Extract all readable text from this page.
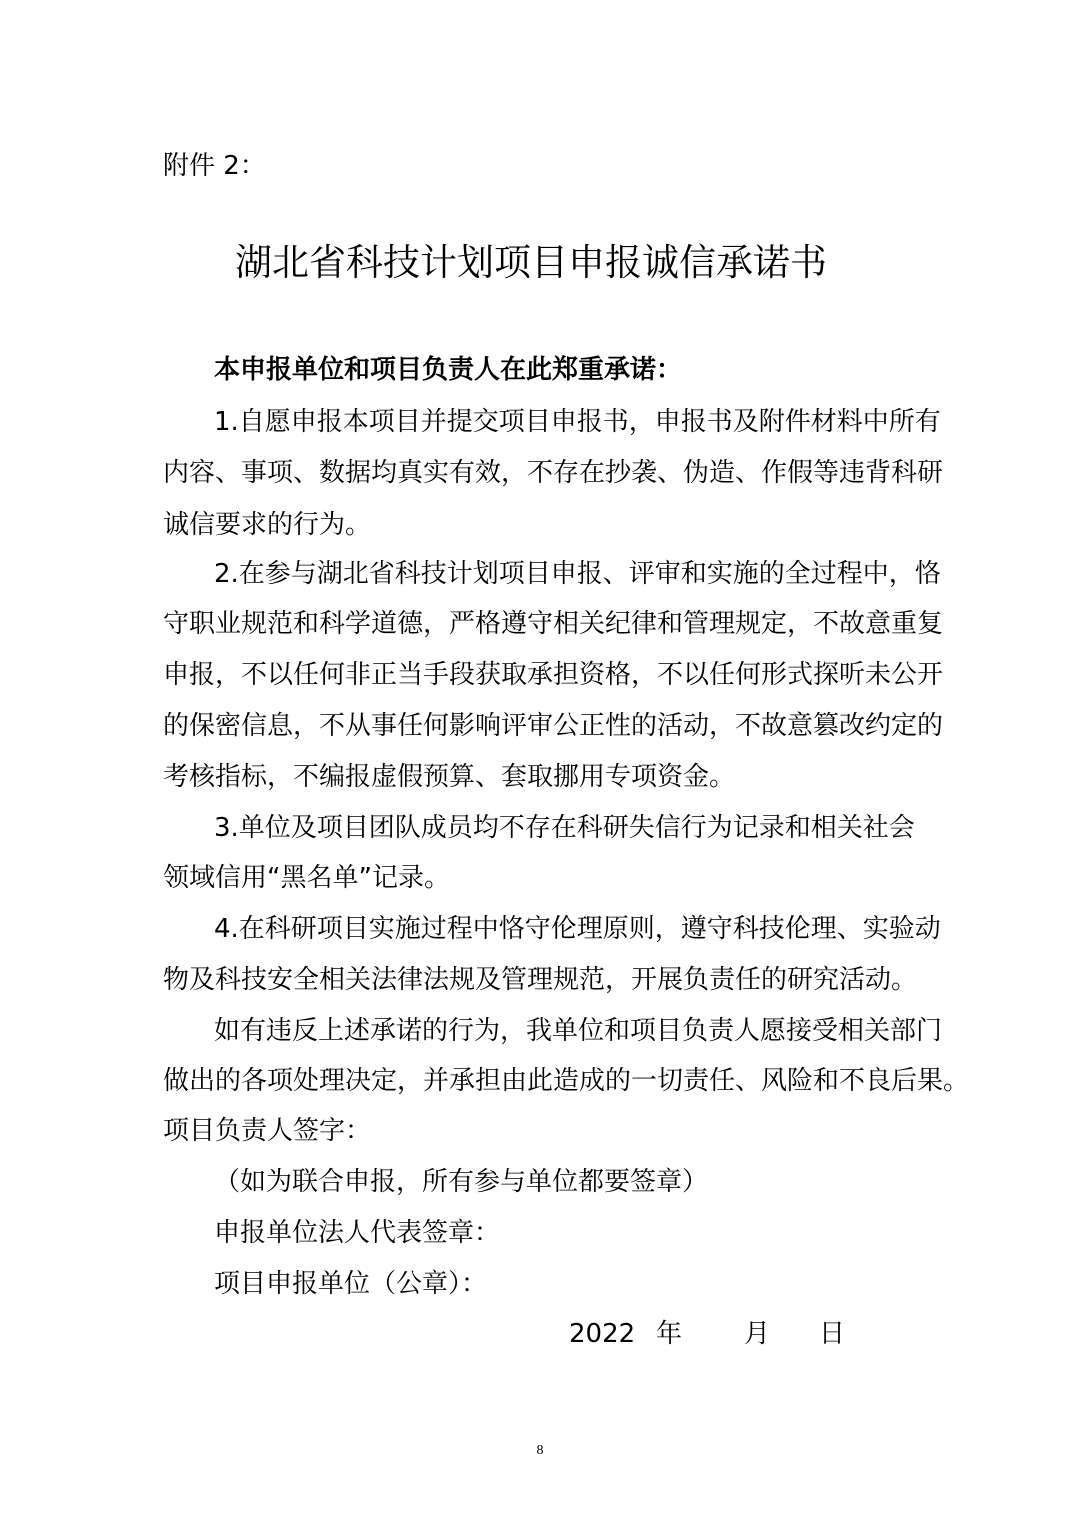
附件 2：
湖北省科技计划项目申报诚信承诺书
本申报单位和项目负责人在此郑重承诺：
1.自愿申报本项目并提交项目申报书，申报书及附件材料中所有
内容、事项、数据均真实有效，不存在抄袭、伪造、作假等违背科研
诚信要求的行为。
2.在参与湖北省科技计划项目申报、评审和实施的全过程中，恪
守职业规范和科学道德，严格遵守相关纪律和管理规定，不故意重复
申报，不以任何非正当手段获取承担资格，不以任何形式探听未公开
的保密信息，不从事任何影响评审公正性的活动，不故意篡改约定的
考核指标，不编报虚假预算、套取挪用专项资金。
3.单位及项目团队成员均不存在科研失信行为记录和相关社会
领域信用“黑名单”记录。
4.在科研项目实施过程中恪守伦理原则，遵守科技伦理、实验动
物及科技安全相关法律法规及管理规范，开展负责任的研究活动。
如有违反上述承诺的行为，我单位和项目负责人愿接受相关部门
做出的各项处理决定，并承担由此造成的一切责任、风险和不良后果。
项目负责人签字：
（如为联合申报，所有参与单位都要签章）
申报单位法人代表签章：
项目申报单位（公章）：
2022 年 月 日
8
